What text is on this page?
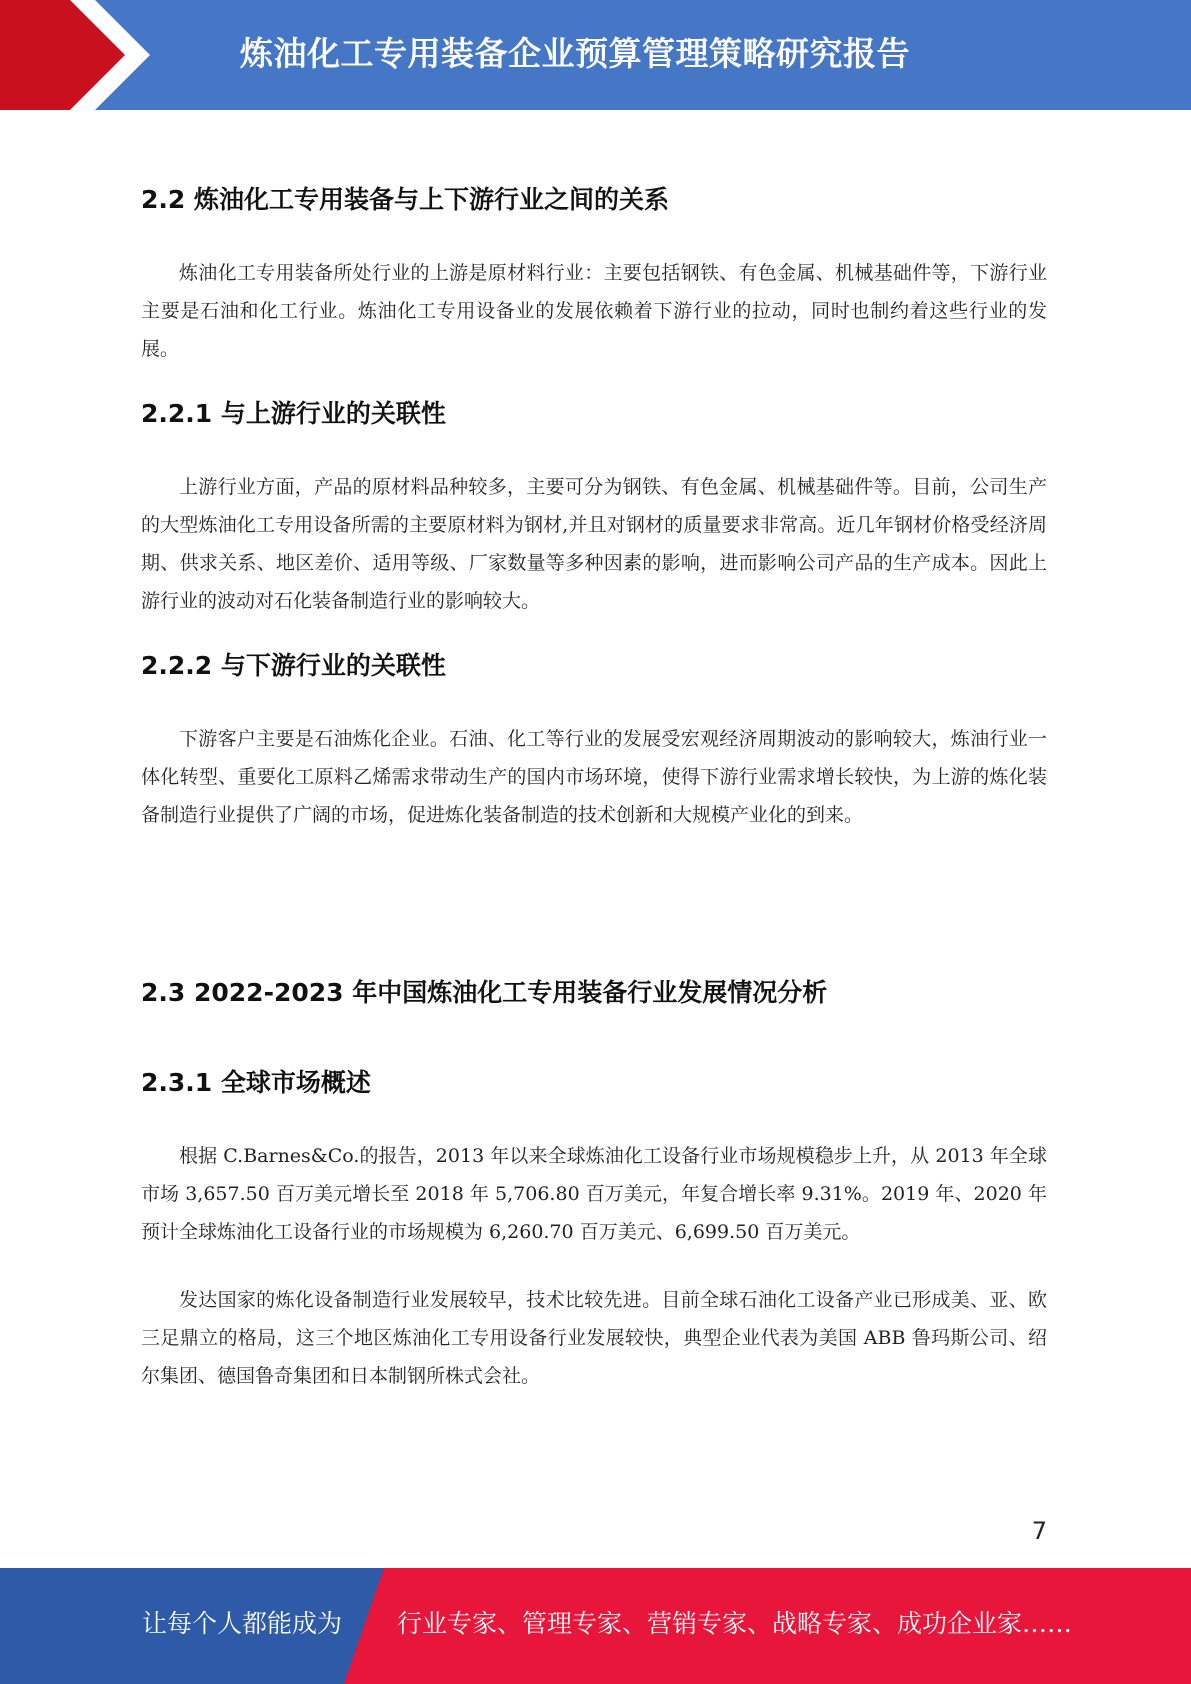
炼油化工专用装备企业预算管理策略研究报告
2.2 炼油化工专用装备与上下游行业之间的关系

炼油化工专用装备所处行业的上游是原材料行业：主要包括钢铁、有色金属、机械基础件等，下游行业主要是石油和化工行业。炼油化工专用设备业的发展依赖着下游行业的拉动，同时也制约着这些行业的发展。

2.2.1 与上游行业的关联性

上游行业方面，产品的原材料品种较多，主要可分为钢铁、有色金属、机械基础件等。目前，公司生产的大型炼油化工专用设备所需的主要原材料为钢材,并且对钢材的质量要求非常高。近几年钢材价格受经济周期、供求关系、地区差价、适用等级、厂家数量等多种因素的影响，进而影响公司产品的生产成本。因此上游行业的波动对石化装备制造行业的影响较大。

2.2.2 与下游行业的关联性

下游客户主要是石油炼化企业。石油、化工等行业的发展受宏观经济周期波动的影响较大，炼油行业一体化转型、重要化工原料乙烯需求带动生产的国内市场环境，使得下游行业需求增长较快，为上游的炼化装备制造行业提供了广阔的市场，促进炼化装备制造的技术创新和大规模产业化的到来。

2.3 2022-2023 年中国炼油化工专用装备行业发展情况分析
2.3.1 全球市场概述

根据 C.Barnes&Co.的报告，2013 年以来全球炼油化工设备行业市场规模稳步上升，从 2013 年全球市场 3,657.50 百万美元增长至 2018 年 5,706.80 百万美元，年复合增长率 9.31%。2019 年、2020 年预计全球炼油化工设备行业的市场规模为 6,260.70 百万美元、6,699.50 百万美元。

发达国家的炼化设备制造行业发展较早，技术比较先进。目前全球石油化工设备产业已形成美、亚、欧三足鼎立的格局，这三个地区炼油化工专用设备行业发展较快，典型企业代表为美国 ABB 鲁玛斯公司、绍尔集团、德国鲁奇集团和日本制钢所株式会社。

7
让每个人都能成为 行业专家、管理专家、营销专家、战略专家、成功企业家……
